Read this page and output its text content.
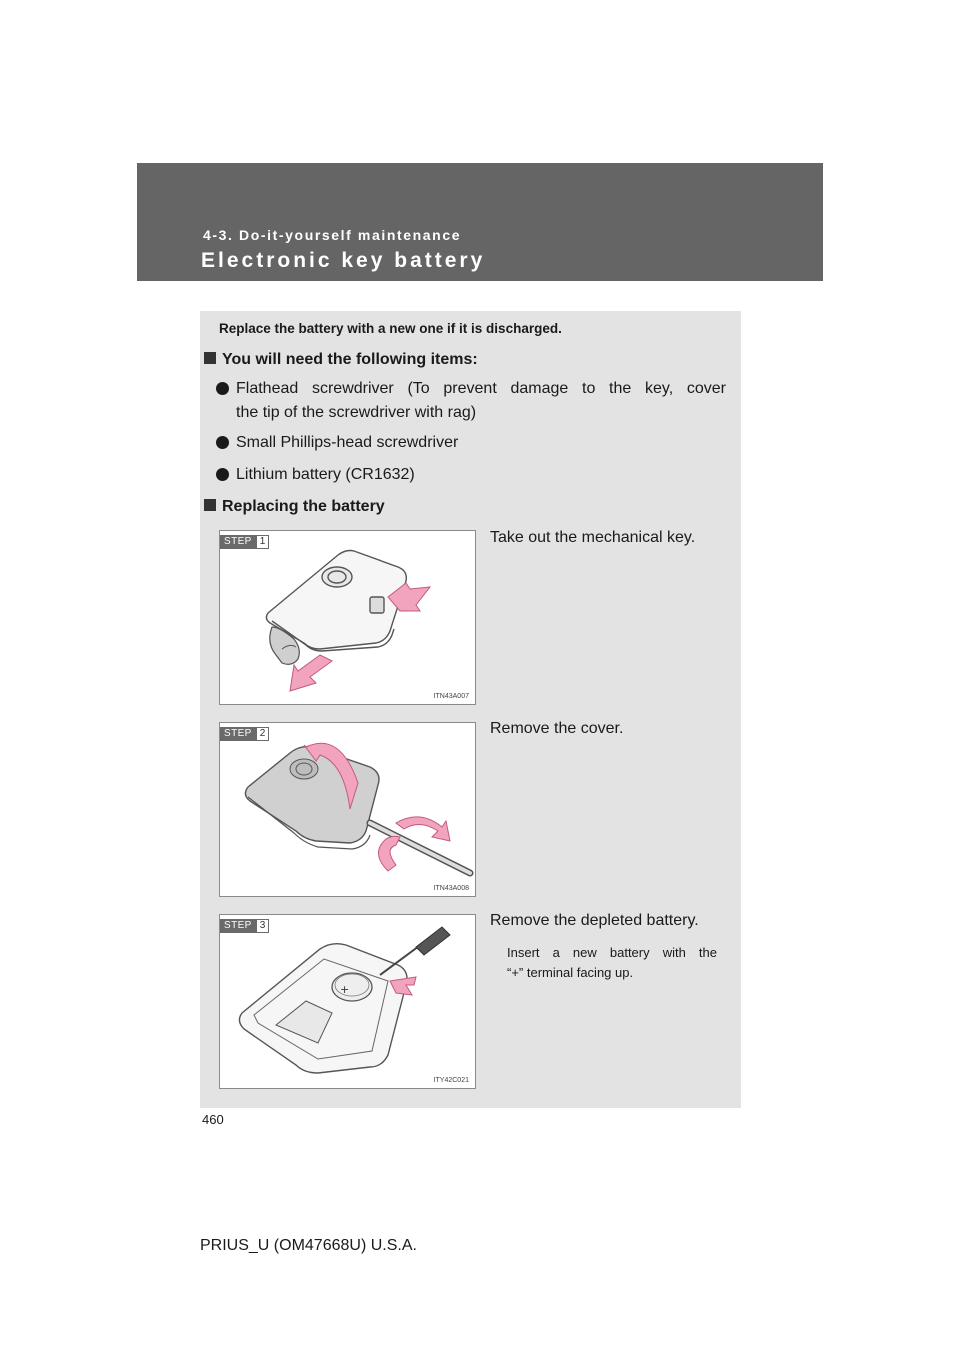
4-3. Do-it-yourself maintenance
Electronic key battery
Replace the battery with a new one if it is discharged.
You will need the following items:
Flathead screwdriver (To prevent damage to the key, cover
the tip of the screwdriver with rag)
Small Phillips-head screwdriver
Lithium battery (CR1632)
Replacing the battery
STEP 1
ITN43A007
Take out the mechanical key.
STEP 2
ITN43A008
Remove the cover.
STEP 3
+
ITY42C021
Remove the depleted battery.
Insert a new battery with the
“+” terminal facing up.
460
PRIUS_U (OM47668U) U.S.A.
